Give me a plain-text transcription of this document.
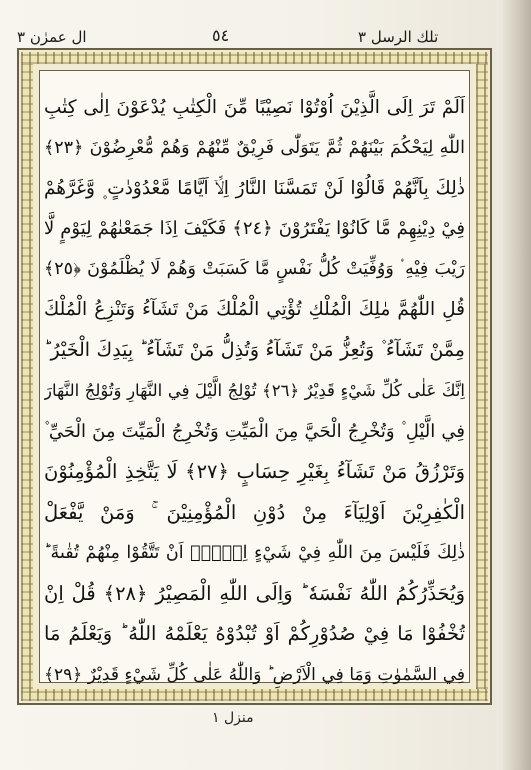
ال عمرٰن ٣	٥٤	تلك الرسل ٣
اَلَمْ تَرَ اِلَى الَّذِيْنَ اُوْتُوْا نَصِيْبًا مِّنَ الْكِتٰبِ يُدْعَوْنَ اِلٰى كِتٰبِ
اللّٰهِ لِيَحْكُمَ بَيْنَهُمْ ثُمَّ يَتَوَلّٰى فَرِيْقٌ مِّنْهُمْ وَهُمْ مُّعْرِضُوْنَ ﴿٢٣﴾
ذٰلِكَ بِاَنَّهُمْ قَالُوْا لَنْ تَمَسَّنَا النَّارُ اِلَّاۤ اَيَّامًا مَّعْدُوْدٰتٍ ۪ وَّغَرَّهُمْ
فِيْ دِيْنِهِمْ مَّا كَانُوْا يَفْتَرُوْنَ ﴿٢٤﴾ فَكَيْفَ اِذَا جَمَعْنٰهُمْ لِيَوْمٍ لَّا
رَيْبَ فِيْهِ ۟ وَوُفِّيَتْ كُلُّ نَفْسٍ مَّا كَسَبَتْ وَهُمْ لَا يُظْلَمُوْنَ ﴿٢٥﴾
قُلِ اللّٰهُمَّ مٰلِكَ الْمُلْكِ تُؤْتِي الْمُلْكَ مَنْ تَشَآءُ وَتَنْزِعُ الْمُلْكَ
مِمَّنْ تَشَآءُ ۫ وَتُعِزُّ مَنْ تَشَآءُ وَتُذِلُّ مَنْ تَشَآءُ ؕ بِيَدِكَ الْخَيْرُ ؕ
اِنَّكَ عَلٰى كُلِّ شَيْءٍ قَدِيْرٌ ﴿٢٦﴾ تُوْلِجُ الَّيْلَ فِي النَّهَارِ وَتُوْلِجُ النَّهَارَ
فِي الَّيْلِ ۫ وَتُخْرِجُ الْحَيَّ مِنَ الْمَيِّتِ وَتُخْرِجُ الْمَيِّتَ مِنَ الْحَيِّ ۫
وَتَرْزُقُ مَنْ تَشَآءُ بِغَيْرِ حِسَابٍ ﴿٢٧﴾ لَا يَتَّخِذِ الْمُؤْمِنُوْنَ
الْكٰفِرِيْنَ اَوْلِيَآءَ مِنْ دُوْنِ الْمُؤْمِنِيْنَ ۚ وَمَنْ يَّفْعَلْ
ذٰلِكَ فَلَيْسَ مِنَ اللّٰهِ فِيْ شَيْءٍ اِلَّاۤ اَنْ تَتَّقُوْا مِنْهُمْ تُقٰىةً ؕ
وَيُحَذِّرُكُمُ اللّٰهُ نَفْسَهٗ ؕ وَاِلَى اللّٰهِ الْمَصِيْرُ ﴿٢٨﴾ قُلْ اِنْ
تُخْفُوْا مَا فِيْ صُدُوْرِكُمْ اَوْ تُبْدُوْهُ يَعْلَمْهُ اللّٰهُ ؕ وَيَعْلَمُ مَا
فِي السَّمٰوٰتِ وَمَا فِي الْاَرْضِ ؕ وَاللّٰهُ عَلٰى كُلِّ شَيْءٍ قَدِيْرٌ ﴿٢٩﴾
منزل ١
